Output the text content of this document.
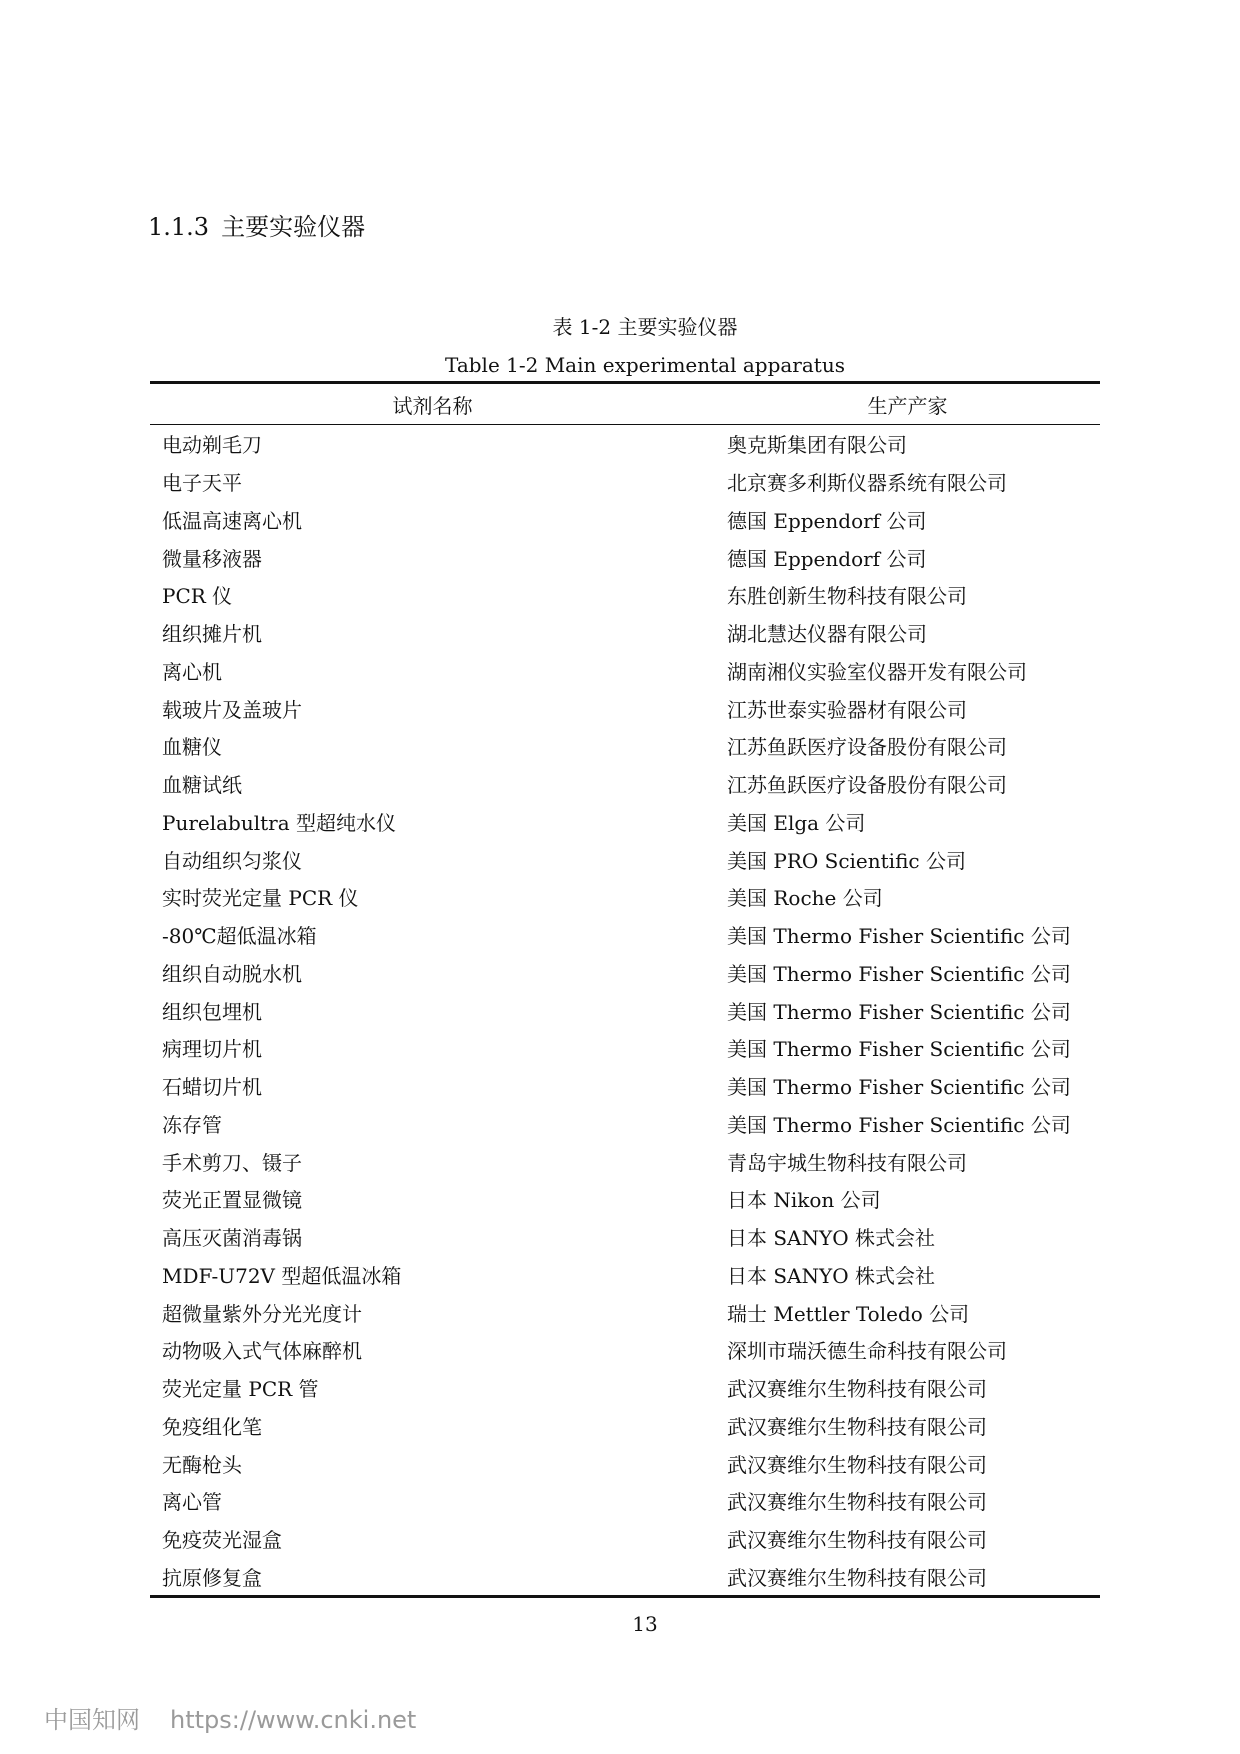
1.1.3 主要实验仪器
表 1-2 主要实验仪器
Table 1-2 Main experimental apparatus
试剂名称	生产产家
电动剃毛刀	奥克斯集团有限公司
电子天平	北京赛多利斯仪器系统有限公司
低温高速离心机	德国 Eppendorf 公司
微量移液器	德国 Eppendorf 公司
PCR 仪	东胜创新生物科技有限公司
组织摊片机	湖北慧达仪器有限公司
离心机	湖南湘仪实验室仪器开发有限公司
载玻片及盖玻片	江苏世泰实验器材有限公司
血糖仪	江苏鱼跃医疗设备股份有限公司
血糖试纸	江苏鱼跃医疗设备股份有限公司
Purelabultra 型超纯水仪	美国 Elga 公司
自动组织匀浆仪	美国 PRO Scientific 公司
实时荧光定量 PCR 仪	美国 Roche 公司
-80℃超低温冰箱	美国 Thermo Fisher Scientific 公司
组织自动脱水机	美国 Thermo Fisher Scientific 公司
组织包埋机	美国 Thermo Fisher Scientific 公司
病理切片机	美国 Thermo Fisher Scientific 公司
石蜡切片机	美国 Thermo Fisher Scientific 公司
冻存管	美国 Thermo Fisher Scientific 公司
手术剪刀、镊子	青岛宇城生物科技有限公司
荧光正置显微镜	日本 Nikon 公司
高压灭菌消毒锅	日本 SANYO 株式会社
MDF-U72V 型超低温冰箱	日本 SANYO 株式会社
超微量紫外分光光度计	瑞士 Mettler Toledo 公司
动物吸入式气体麻醉机	深圳市瑞沃德生命科技有限公司
荧光定量 PCR 管	武汉赛维尔生物科技有限公司
免疫组化笔	武汉赛维尔生物科技有限公司
无酶枪头	武汉赛维尔生物科技有限公司
离心管	武汉赛维尔生物科技有限公司
免疫荧光湿盒	武汉赛维尔生物科技有限公司
抗原修复盒	武汉赛维尔生物科技有限公司
13
中国知网 https://www.cnki.net
